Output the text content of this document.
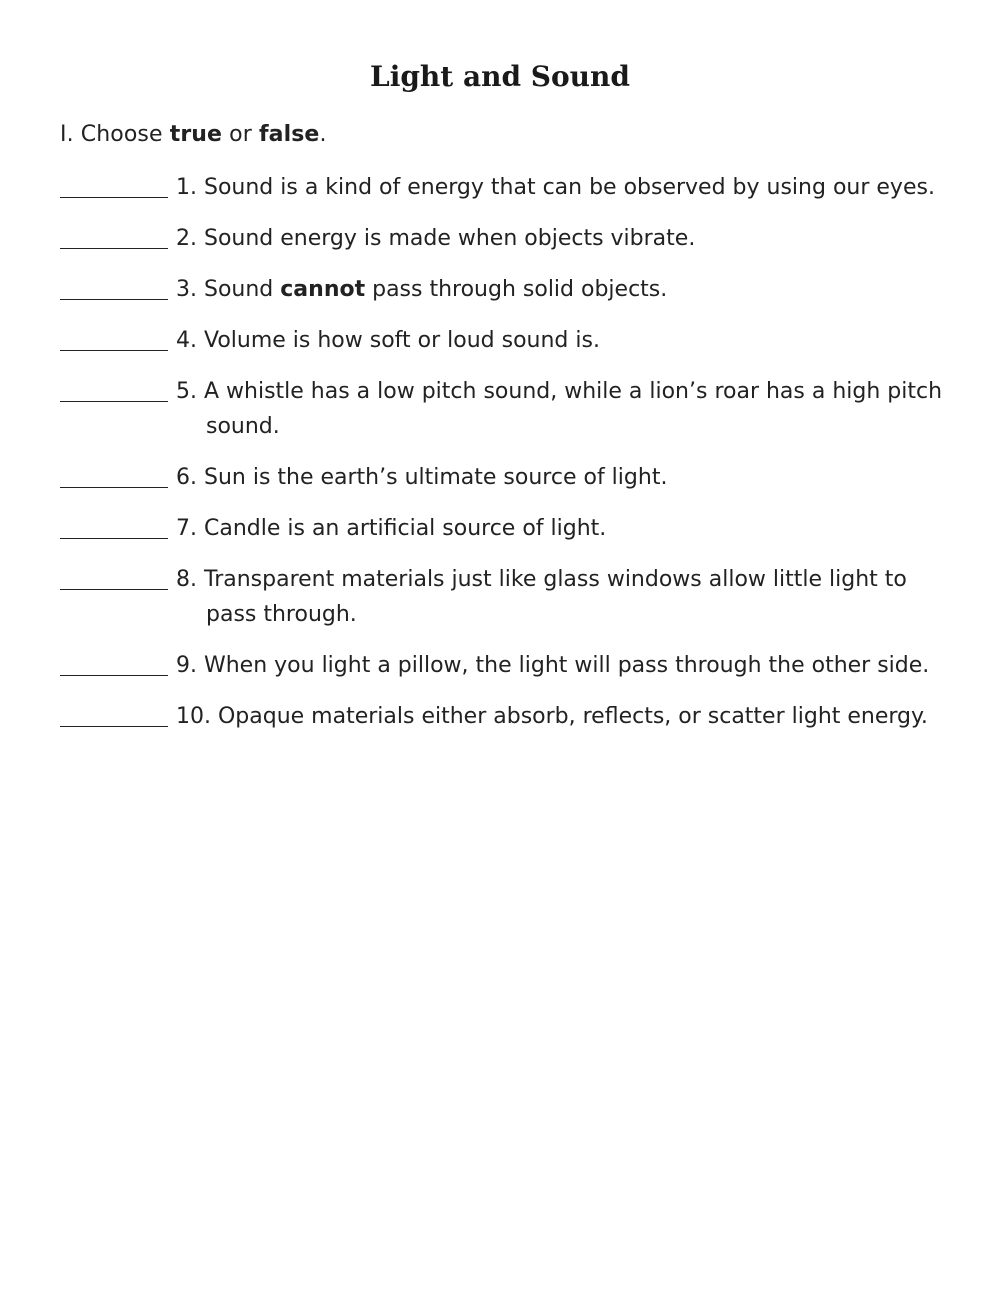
Light and Sound
I. Choose true or false.
1. Sound is a kind of energy that can be observed by using our eyes.
2. Sound energy is made when objects vibrate.
3. Sound cannot pass through solid objects.
4. Volume is how soft or loud sound is.
5. A whistle has a low pitch sound, while a lion’s roar has a high pitch sound.
6. Sun is the earth’s ultimate source of light.
7. Candle is an artificial source of light.
8. Transparent materials just like glass windows allow little light to pass through.
9. When you light a pillow, the light will pass through the other side.
10. Opaque materials either absorb, reflects, or scatter light energy.
